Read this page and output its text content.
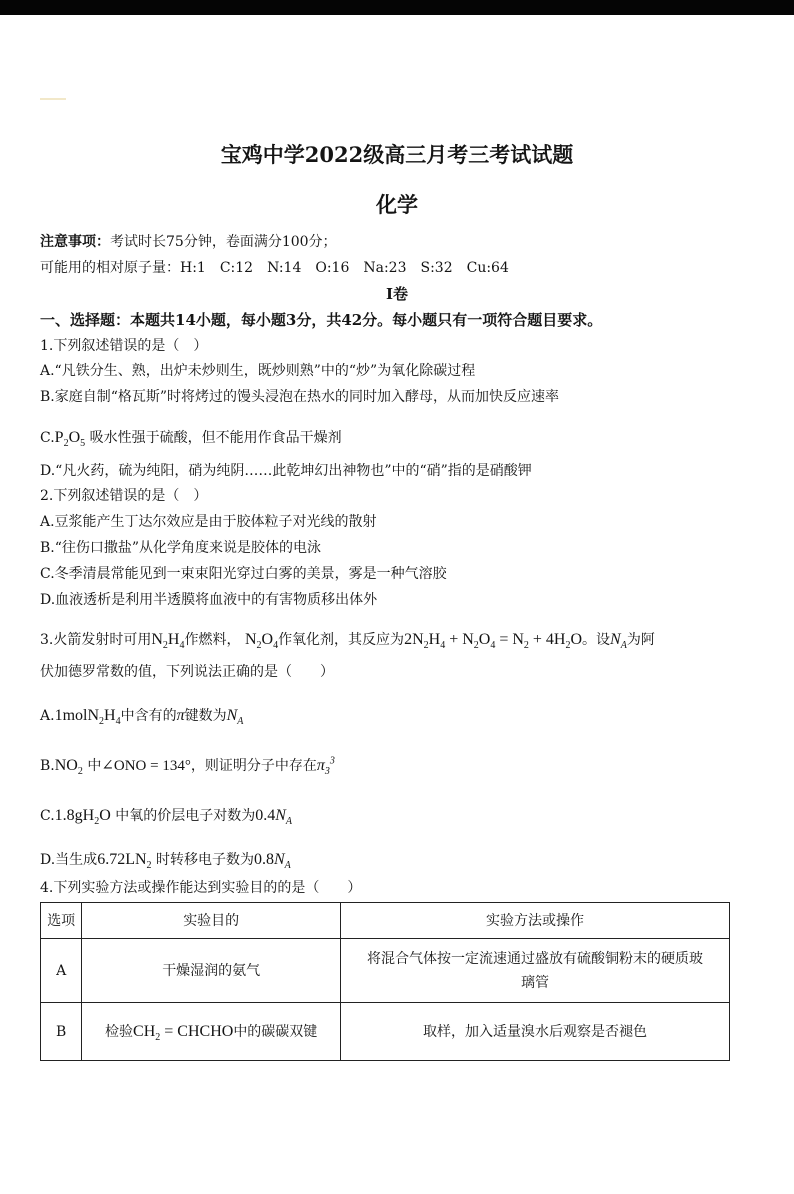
宝鸡中学2022级高三月考三考试试题
化学
注意事项：考试时长75分钟，卷面满分100分；
可能用的相对原子量：H:1　C:12　N:14　O:16　Na:23　S:32　Cu:64
I卷
一、选择题：本题共14小题，每小题3分，共42分。每小题只有一项符合题目要求。
1.下列叙述错误的是（　）
A.“凡铁分生、熟，出炉未炒则生，既炒则熟”中的“炒”为氧化除碳过程
B.家庭自制“格瓦斯”时将烤过的馒头浸泡在热水的同时加入酵母，从而加快反应速率
$C.P_2O_5$ 吸水性强于硫酸，但不能用作食品干燥剂
D.“凡火药，硫为纯阳，硝为纯阴……此乾坤幻出神物也”中的“硝”指的是硝酸钾
2.下列叙述错误的是（　）
A.豆浆能产生丁达尔效应是由于胶体粒子对光线的散射
B.“往伤口撒盐”从化学角度来说是胶体的电泳
C.冬季清晨常能见到一束束阳光穿过白雾的美景，雾是一种气溶胶
D.血液透析是利用半透膜将血液中的有害物质移出体外
3.火箭发射时可用$N_2H_4$作燃料， $N_2O_4$作氧化剂，其反应为$2N_2H_4 + N_2O_4 = N_2 + 4H_2O$。设$N_A$为阿
伏加德罗常数的值，下列说法正确的是（　　）
$A.1molN_2H_4$中含有的π键数为$N_A$
$B.NO_2$ 中∠ONO = 134°，则证明分子中存在$\pi_3^3$
$C.1.8gH_2O$ 中氧的价层电子对数为$0.4N_A$
D.当生成$6.72LN_2$ 时转移电子数为$0.8N_A$
4.下列实验方法或操作能达到实验目的的是（　　）
选项	实验目的	实验方法或操作
A	干燥湿润的氨气	将混合气体按一定流速通过盛放有硫酸铜粉末的硬质玻
璃管

B	检验$CH_2$ = CHCHO中的碳碳双键	取样，加入适量溴水后观察是否褪色
